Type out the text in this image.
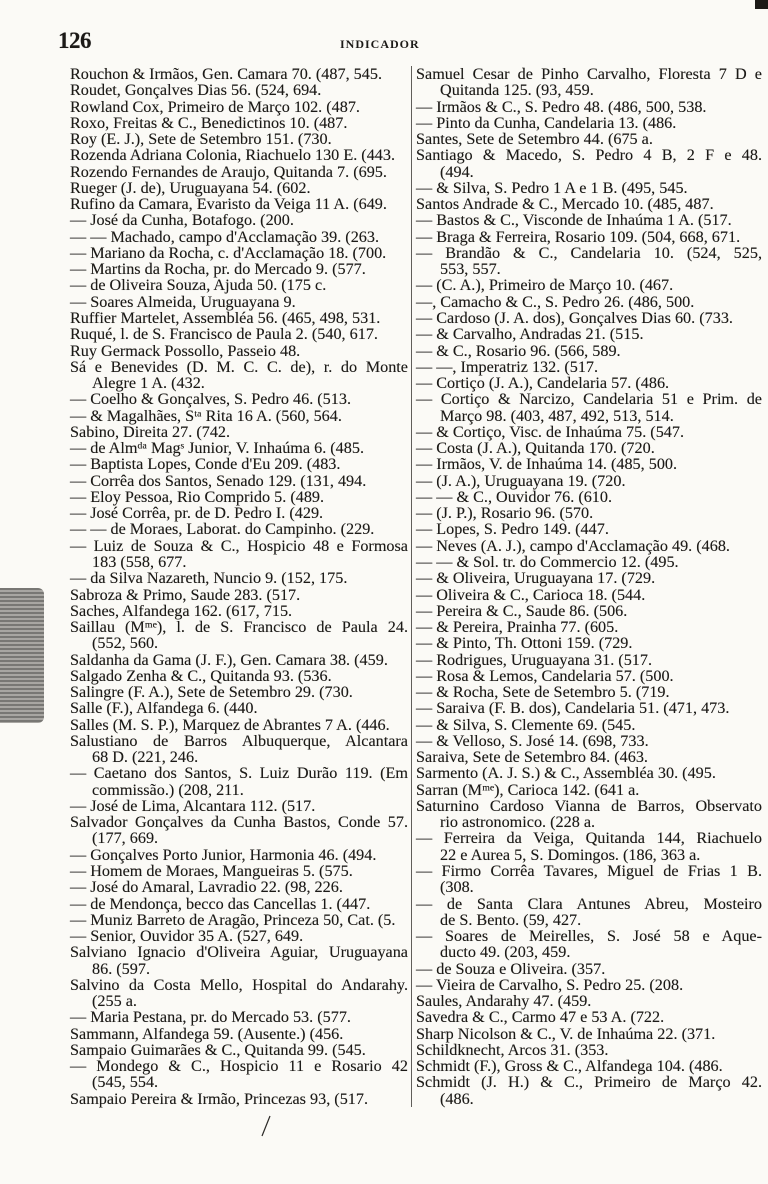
126	INDICADOR
Rouchon & Irmãos, Gen. Camara 70. (487, 545.
Roudet, Gonçalves Dias 56. (524, 694.
Rowland Cox, Primeiro de Março 102. (487.
Roxo, Freitas & C., Benedictinos 10. (487.
Roy (E. J.), Sete de Setembro 151. (730.
Rozenda Adriana Colonia, Riachuelo 130 E. (443.
Rozendo Fernandes de Araujo, Quitanda 7. (695.
Rueger (J. de), Uruguayana 54. (602.
Rufino da Camara, Evaristo da Veiga 11 A. (649.
— José da Cunha, Botafogo. (200.
— — Machado, campo d'Acclamação 39. (263.
— Mariano da Rocha, c. d'Acclamação 18. (700.
— Martins da Rocha, pr. do Mercado 9. (577.
— de Oliveira Souza, Ajuda 50. (175 c.
— Soares Almeida, Uruguayana 9.
Ruffier Martelet, Assembléa 56. (465, 498, 531.
Ruqué, l. de S. Francisco de Paula 2. (540, 617.
Ruy Germack Possollo, Passeio 48.
Sá e Benevides (D. M. C. C. de), r. do Monte
Alegre 1 A. (432.
— Coelho & Gonçalves, S. Pedro 46. (513.
— & Magalhães, Sᵗᵃ Rita 16 A. (560, 564.
Sabino, Direita 27. (742.
— de Almᵈᵃ Magˢ Junior, V. Inhaúma 6. (485.
— Baptista Lopes, Conde d'Eu 209. (483.
— Corrêa dos Santos, Senado 129. (131, 494.
— Eloy Pessoa, Rio Comprido 5. (489.
— José Corrêa, pr. de D. Pedro I. (429.
— — de Moraes, Laborat. do Campinho. (229.
— Luiz de Souza & C., Hospicio 48 e Formosa
183 (558, 677.
— da Silva Nazareth, Nuncio 9. (152, 175.
Sabroza & Primo, Saude 283. (517.
Saches, Alfandega 162. (617, 715.
Saillau (Mᵐᵉ), l. de S. Francisco de Paula 24.
(552, 560.
Saldanha da Gama (J. F.), Gen. Camara 38. (459.
Salgado Zenha & C., Quitanda 93. (536.
Salingre (F. A.), Sete de Setembro 29. (730.
Salle (F.), Alfandega 6. (440.
Salles (M. S. P.), Marquez de Abrantes 7 A. (446.
Salustiano de Barros Albuquerque, Alcantara
68 D. (221, 246.
— Caetano dos Santos, S. Luiz Durão 119. (Em
commissão.) (208, 211.
— José de Lima, Alcantara 112. (517.
Salvador Gonçalves da Cunha Bastos, Conde 57.
(177, 669.
— Gonçalves Porto Junior, Harmonia 46. (494.
— Homem de Moraes, Mangueiras 5. (575.
— José do Amaral, Lavradio 22. (98, 226.
— de Mendonça, becco das Cancellas 1. (447.
— Muniz Barreto de Aragão, Princeza 50, Cat. (5.
— Senior, Ouvidor 35 A. (527, 649.
Salviano Ignacio d'Oliveira Aguiar, Uruguayana
86. (597.
Salvino da Costa Mello, Hospital do Andarahy.
(255 a.
— Maria Pestana, pr. do Mercado 53. (577.
Sammann, Alfandega 59. (Ausente.) (456.
Sampaio Guimarães & C., Quitanda 99. (545.
— Mondego & C., Hospicio 11 e Rosario 42
(545, 554.
Sampaio Pereira & Irmão, Princezas 93, (517.
Samuel Cesar de Pinho Carvalho, Floresta 7 D e
Quitanda 125. (93, 459.
— Irmãos & C., S. Pedro 48. (486, 500, 538.
— Pinto da Cunha, Candelaria 13. (486.
Santes, Sete de Setembro 44. (675 a.
Santiago & Macedo, S. Pedro 4 B, 2 F e 48.
(494.
— & Silva, S. Pedro 1 A e 1 B. (495, 545.
Santos Andrade & C., Mercado 10. (485, 487.
— Bastos & C., Visconde de Inhaúma 1 A. (517.
— Braga & Ferreira, Rosario 109. (504, 668, 671.
— Brandão & C., Candelaria 10. (524, 525,
553, 557.
— (C. A.), Primeiro de Março 10. (467.
—, Camacho & C., S. Pedro 26. (486, 500.
— Cardoso (J. A. dos), Gonçalves Dias 60. (733.
— & Carvalho, Andradas 21. (515.
— & C., Rosario 96. (566, 589.
— —, Imperatriz 132. (517.
— Cortiço (J. A.), Candelaria 57. (486.
— Cortiço & Narcizo, Candelaria 51 e Prim. de
Março 98. (403, 487, 492, 513, 514.
— & Cortiço, Visc. de Inhaúma 75. (547.
— Costa (J. A.), Quitanda 170. (720.
— Irmãos, V. de Inhaúma 14. (485, 500.
— (J. A.), Uruguayana 19. (720.
— — & C., Ouvidor 76. (610.
— (J. P.), Rosario 96. (570.
— Lopes, S. Pedro 149. (447.
— Neves (A. J.), campo d'Acclamação 49. (468.
— — & Sol. tr. do Commercio 12. (495.
— & Oliveira, Uruguayana 17. (729.
— Oliveira & C., Carioca 18. (544.
— Pereira & C., Saude 86. (506.
— & Pereira, Prainha 77. (605.
— & Pinto, Th. Ottoni 159. (729.
— Rodrigues, Uruguayana 31. (517.
— Rosa & Lemos, Candelaria 57. (500.
— & Rocha, Sete de Setembro 5. (719.
— Saraiva (F. B. dos), Candelaria 51. (471, 473.
— & Silva, S. Clemente 69. (545.
— & Velloso, S. José 14. (698, 733.
Saraiva, Sete de Setembro 84. (463.
Sarmento (A. J. S.) & C., Assembléa 30. (495.
Sarran (Mᵐᵉ), Carioca 142. (641 a.
Saturnino Cardoso Vianna de Barros, Observato
rio astronomico. (228 a.
— Ferreira da Veiga, Quitanda 144, Riachuelo
22 e Aurea 5, S. Domingos. (186, 363 a.
— Firmo Corrêa Tavares, Miguel de Frias 1 B.
(308.
— de Santa Clara Antunes Abreu, Mosteiro
de S. Bento. (59, 427.
— Soares de Meirelles, S. José 58 e Aque-
ducto 49. (203, 459.
— de Souza e Oliveira. (357.
— Vieira de Carvalho, S. Pedro 25. (208.
Saules, Andarahy 47. (459.
Savedra & C., Carmo 47 e 53 A. (722.
Sharp Nicolson & C., V. de Inhaúma 22. (371.
Schildknecht, Arcos 31. (353.
Schmidt (F.), Gross & C., Alfandega 104. (486.
Schmidt (J. H.) & C., Primeiro de Março 42.
(486.
